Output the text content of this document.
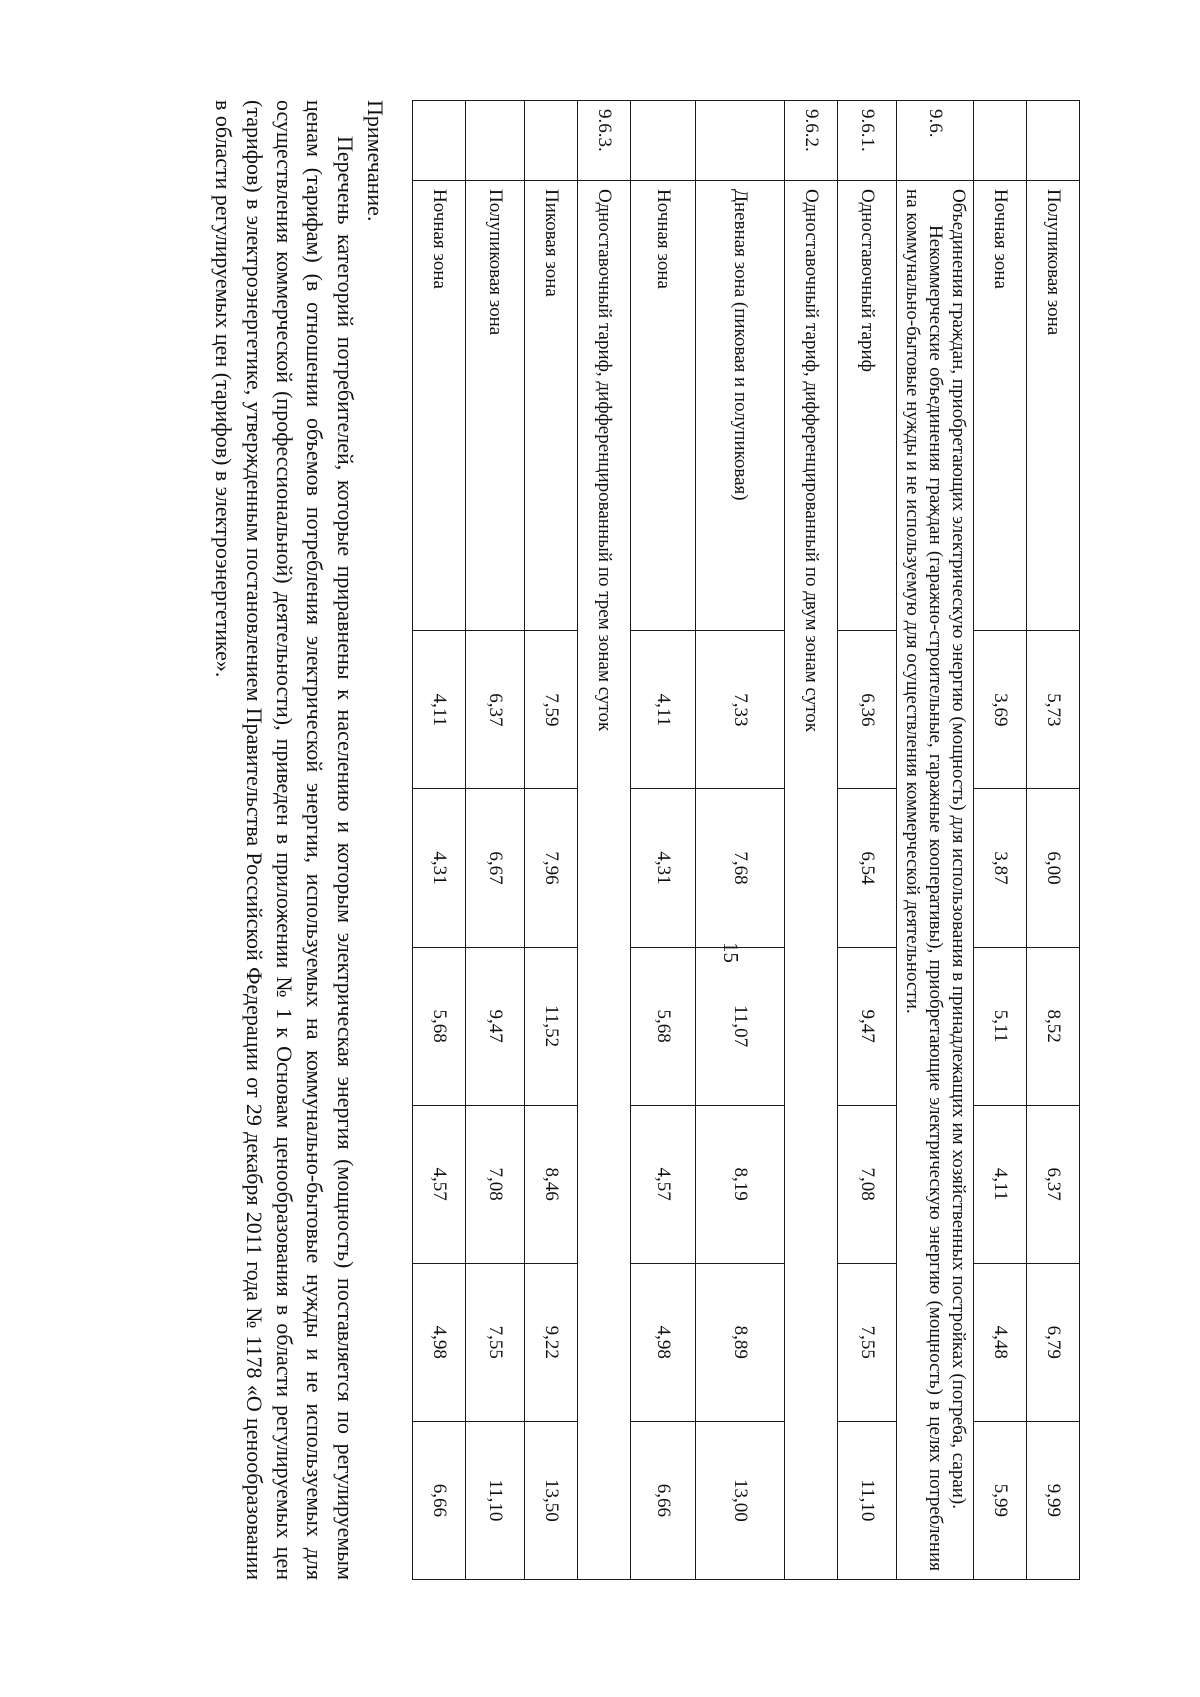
15
	Полупиковая зона	5,73	6,00	8,52	6,37	6,79	9,99
	Ночная зона	3,69	3,87	5,11	4,11	4,48	5,99
9.6.	Объединения граждан, приобретающих электрическую энергию (мощность) для использования в принадлежащих им хозяйственных постройках (погреба, сараи).

Некоммерческие объединения граждан (гаражно-строительные, гаражные кооперативы), приобретающие электрическую энергию (мощность) в целях потребления на коммунально-бытовые нужды и не используемую для осуществления коммерческой деятельности.						

9.6.1.	Одноставочный тариф	6,36	6,54	9,47	7,08	7,55	11,10
9.6.2.	Одноставочный тариф, дифференцированный по двум зонам суток						
	Дневная зона (пиковая и полупиковая)	7,33	7,68	11,07	8,19	8,89	13,00
	Ночная зона	4,11	4,31	5,68	4,57	4,98	6,66
9.6.3.	Одноставочный тариф, дифференцированный по трем зонам суток						
	Пиковая зона	7,59	7,96	11,52	8,46	9,22	13,50
	Полупиковая зона	6,37	6,67	9,47	7,08	7,55	11,10
	Ночная зона	4,11	4,31	5,68	4,57	4,98	6,66

Примечание.

Перечень категорий потребителей, которые приравнены к населению и которым электрическая энергия (мощность) поставляется по регулируемым ценам (тарифам) (в отношении объемов потребления электрической энергии, используемых на коммунально-бытовые нужды и не используемых для осуществления коммерческой (профессиональной) деятельности), приведен в приложении № 1 к Основам ценообразования в области регулируемых цен (тарифов) в электроэнергетике, утвержденным постановлением Правительства Российской Федерации от 29 декабря 2011 года № 1178 «О ценообразовании в области регулируемых цен (тарифов) в электроэнергетике».
